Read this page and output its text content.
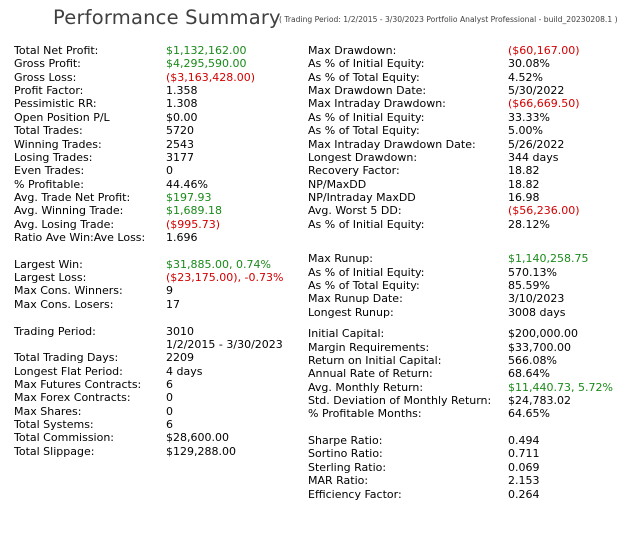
Performance Summary
( Trading Period: 1/2/2015 - 3/30/2023 Portfolio Analyst Professional - build_20230208.1 )
Total Net Profit:	$1,132,162.00
Gross Profit:	$4,295,590.00
Gross Loss:	($3,163,428.00)
Profit Factor:	1.358
Pessimistic RR:	1.308
Open Position P/L	$0.00
Total Trades:	5720
Winning Trades:	2543
Losing Trades:	3177
Even Trades:	0
% Profitable:	44.46%
Avg. Trade Net Profit:	$197.93
Avg. Winning Trade:	$1,689.18
Avg. Losing Trade:	($995.73)
Ratio Ave Win:Ave Loss: 1.696
Largest Win:	$31,885.00, 0.74%
Largest Loss:	($23,175.00), -0.73%
Max Cons. Winners:	9
Max Cons. Losers:	17
Trading Period:	3010
1/2/2015 - 3/30/2023
Total Trading Days:	2209
Longest Flat Period:	4 days
Max Futures Contracts: 6
Max Forex Contracts:	0
Max Shares:	0
Total Systems:	6
Total Commission:	$28,600.00
Total Slippage:	$129,288.00
Max Drawdown:	($60,167.00)
As % of Initial Equity:	30.08%
As % of Total Equity:	4.52%
Max Drawdown Date:	5/30/2022
Max Intraday Drawdown:	($66,669.50)
As % of Initial Equity:	33.33%
As % of Total Equity:	5.00%
Max Intraday Drawdown Date:	5/26/2022
Longest Drawdown:	344 days
Recovery Factor:	18.82
NP/MaxDD	18.82
NP/Intraday MaxDD	16.98
Avg. Worst 5 DD:	($56,236.00)
As % of Initial Equity:	28.12%
Max Runup:	$1,140,258.75
As % of Initial Equity:	570.13%
As % of Total Equity:	85.59%
Max Runup Date:	3/10/2023
Longest Runup:	3008 days
Initial Capital:	$200,000.00
Margin Requirements:	$33,700.00
Return on Initial Capital:	566.08%
Annual Rate of Return:	68.64%
Avg. Monthly Return:	$11,440.73, 5.72%
Std. Deviation of Monthly Return: $24,783.02
% Profitable Months:	64.65%
Sharpe Ratio:	0.494
Sortino Ratio:	0.711
Sterling Ratio:	0.069
MAR Ratio:	2.153
Efficiency Factor:	0.264
